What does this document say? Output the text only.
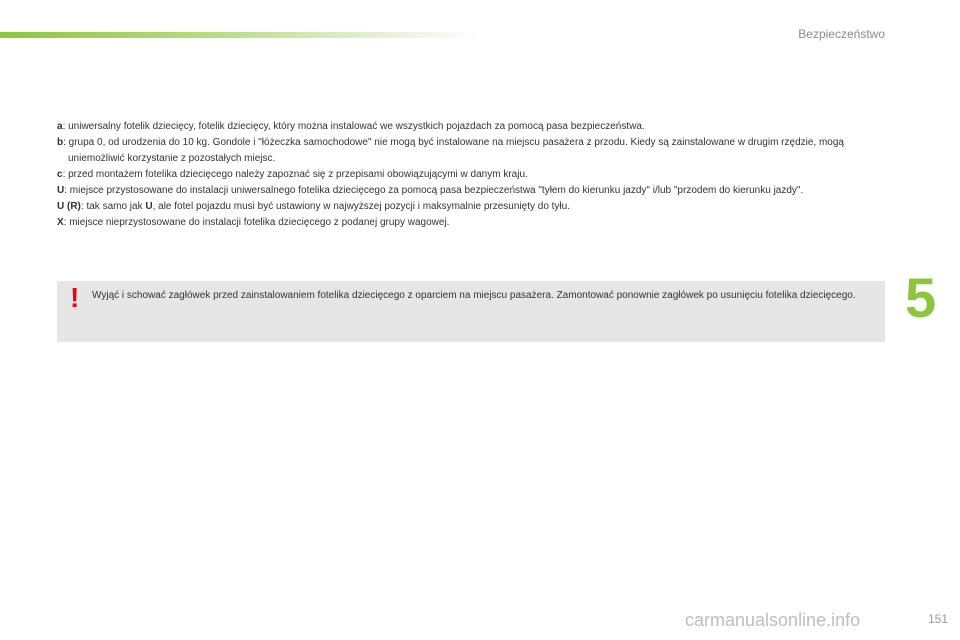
Bezpieczeństwo
5

a: uniwersalny fotelik dziecięcy, fotelik dziecięcy, który można instalować we wszystkich pojazdach za pomocą pasa bezpieczeństwa.

b: grupa 0, od urodzenia do 10 kg. Gondole i "łóżeczka samochodowe" nie mogą być instalowane na miejscu pasażera z przodu. Kiedy są zainstalowane w drugim rzędzie, mogą uniemożliwić korzystanie z pozostałych miejsc.

c: przed montażem fotelika dziecięcego należy zapoznać się z przepisami obowiązującymi w danym kraju.

U: miejsce przystosowane do instalacji uniwersalnego fotelika dziecięcego za pomocą pasa bezpieczeństwa "tyłem do kierunku jazdy" i/lub "przodem do kierunku jazdy".

U (R): tak samo jak U, ale fotel pojazdu musi być ustawiony w najwyższej pozycji i maksymalnie przesunięty do tyłu.

X: miejsce nieprzystosowane do instalacji fotelika dziecięcego z podanej grupy wagowej.

! Wyjąć i schować zagłówek przed zainstalowaniem fotelika dziecięcego z oparciem na miejscu pasażera. Zamontować ponownie zagłówek po usunięciu fotelika dziecięcego.
carmanualsonline.info	151
